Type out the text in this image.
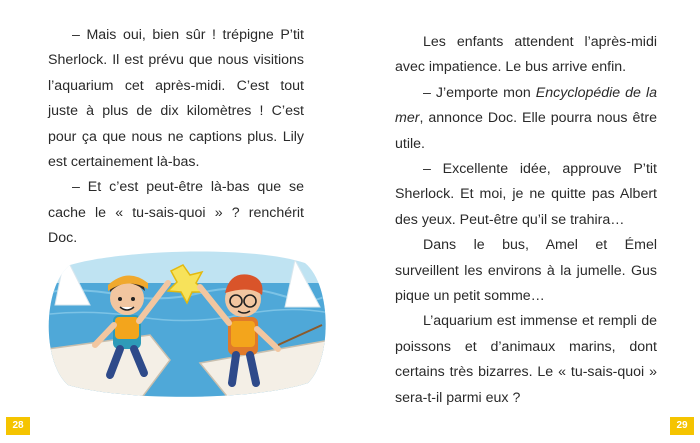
– Mais oui, bien sûr ! trépigne P’tit Sherlock. Il est prévu que nous visitions l’aquarium cet après-midi. C’est tout juste à plus de dix kilomètres ! C’est pour ça que nous ne captions plus. Lily est certainement là-bas.

– Et c’est peut-être là-bas que se cache le « tu-sais-quoi » ? renchérit Doc.

28

Les enfants attendent l’après-midi avec impatience. Le bus arrive enfin.

– J’emporte mon Encyclopédie de la mer, annonce Doc. Elle pourra nous être utile.

– Excellente idée, approuve P’tit Sherlock. Et moi, je ne quitte pas Albert des yeux. Peut-être qu’il se trahira…

Dans le bus, Amel et Émel surveillent les environs à la jumelle. Gus pique un petit somme…

L’aquarium est immense et rempli de poissons et d’animaux marins, dont certains très bizarres. Le « tu-sais-quoi » sera-t-il parmi eux ?

29
